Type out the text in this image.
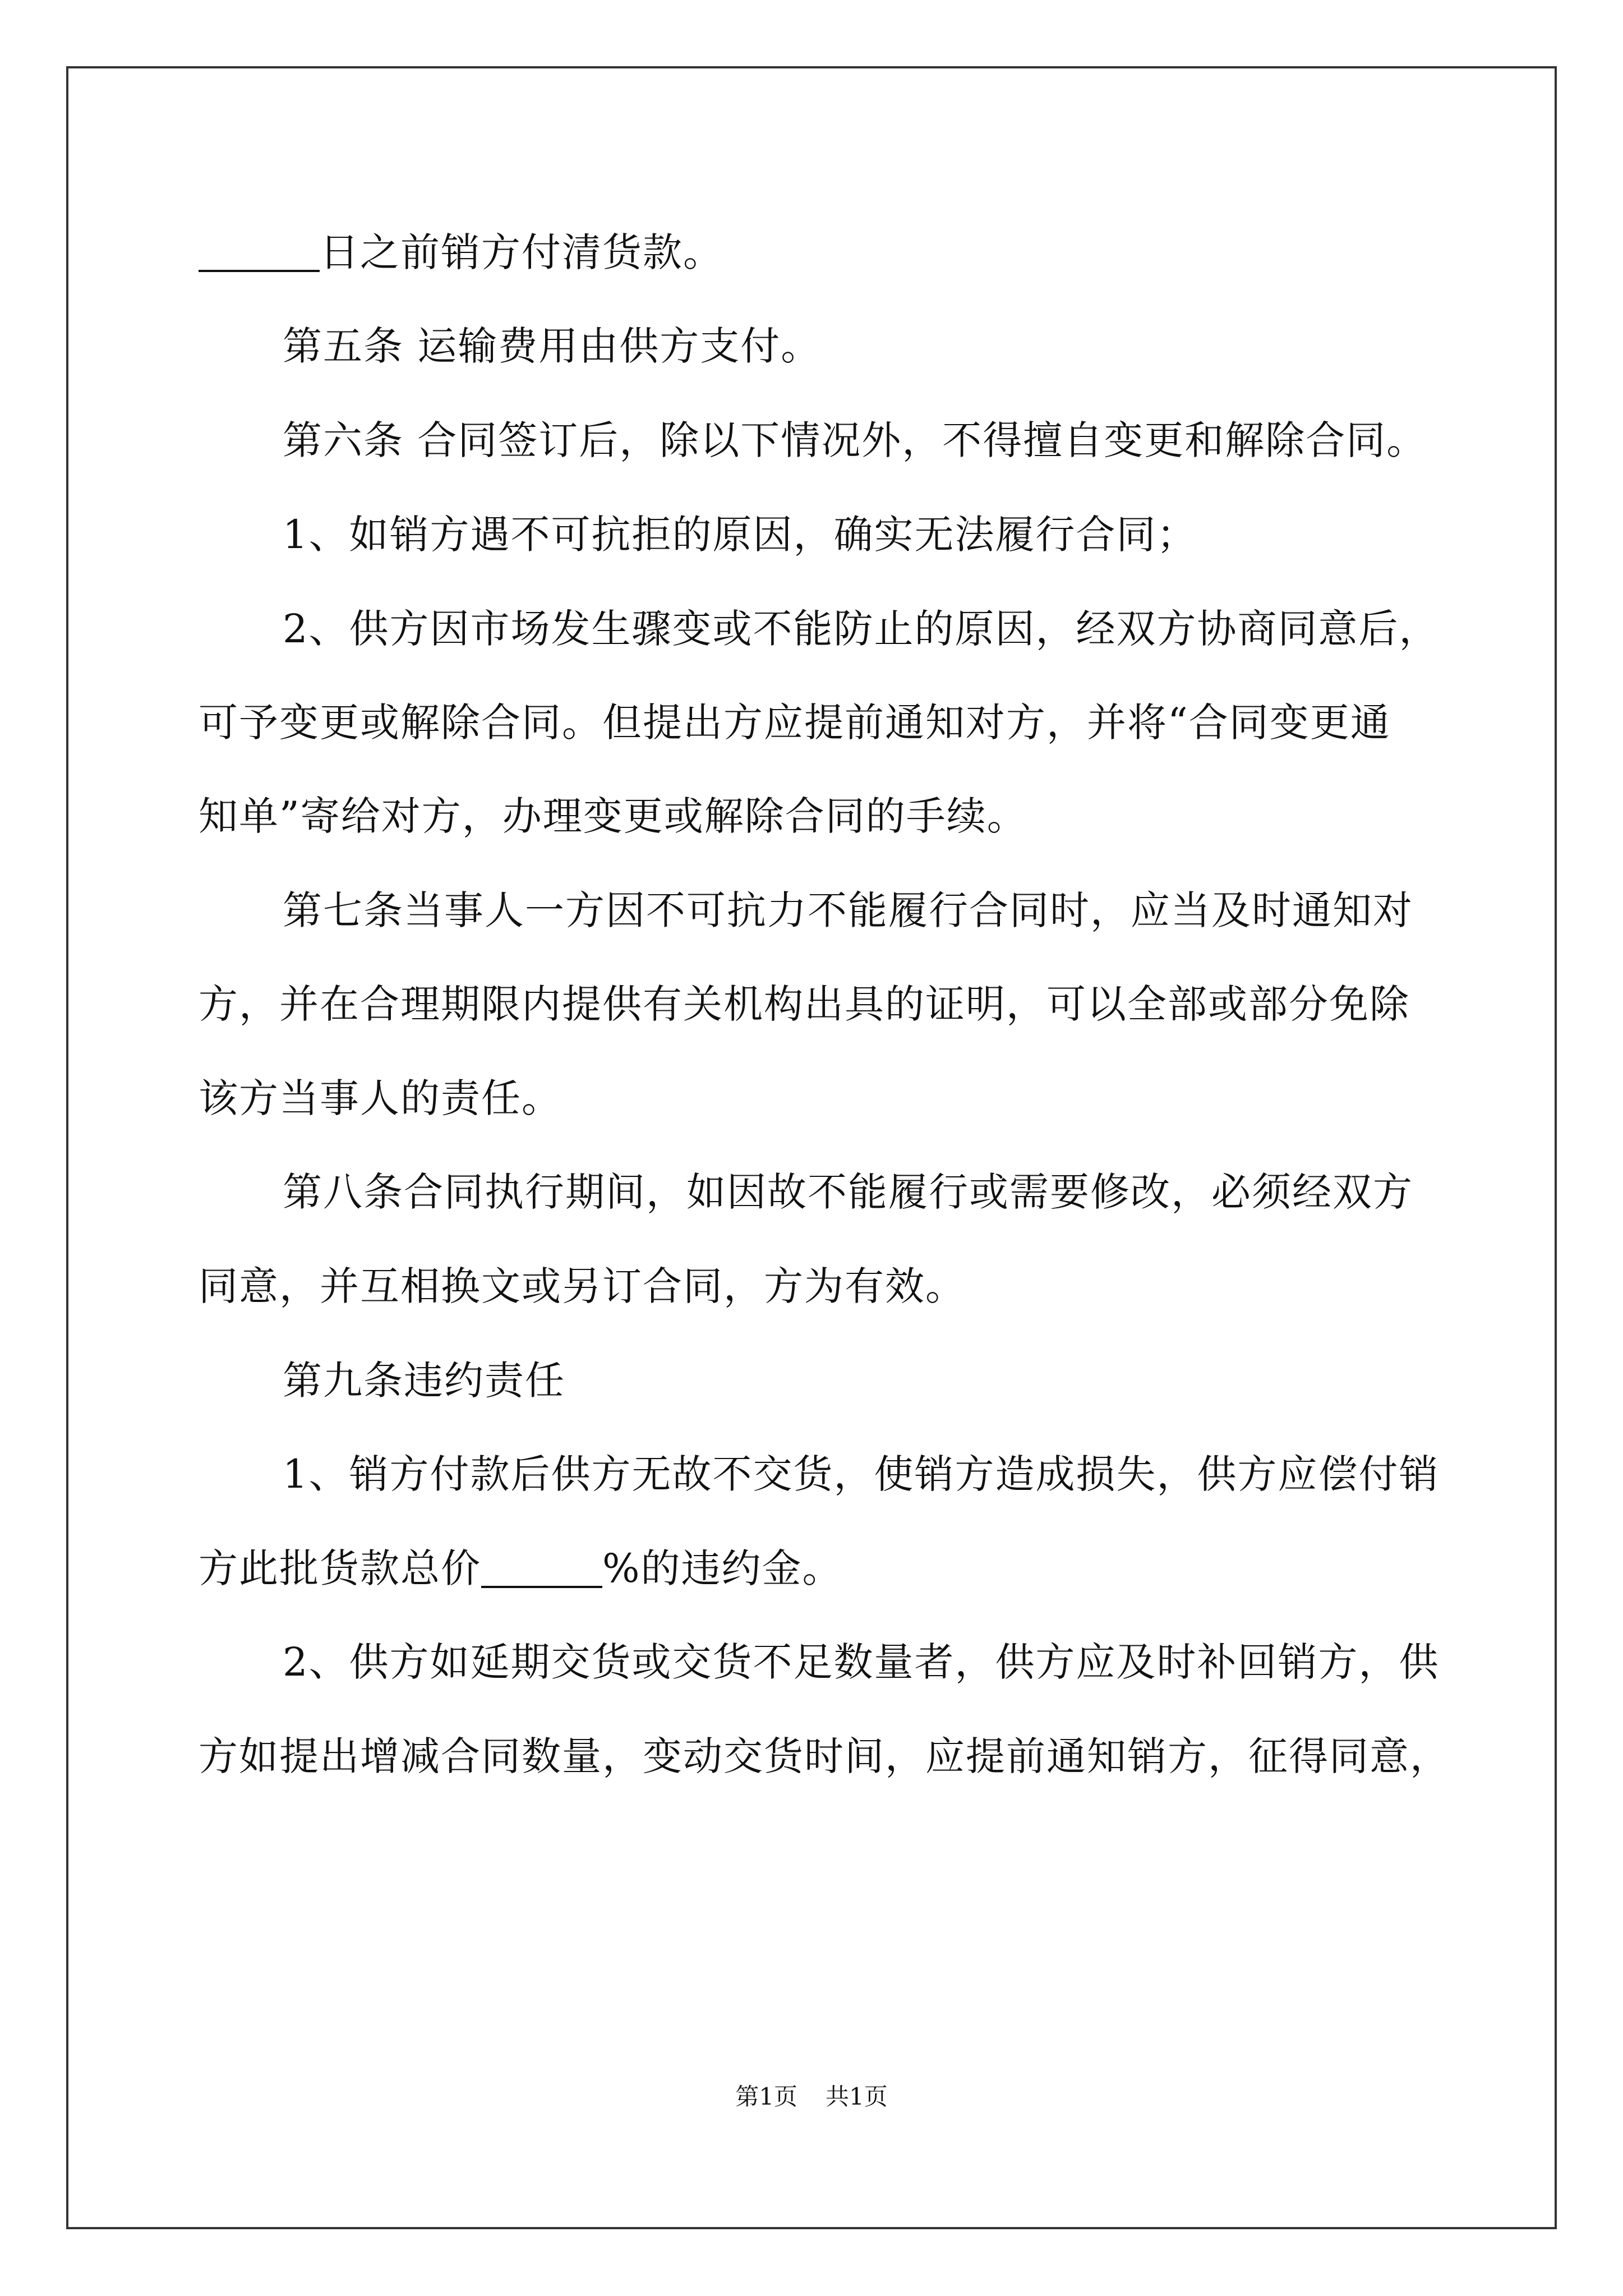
日之前销方付清货款。
第五条 运输费用由供方支付。
第六条 合同签订后，除以下情况外，不得擅自变更和解除合同。
1、如销方遇不可抗拒的原因，确实无法履行合同；
2、供方因市场发生骤变或不能防止的原因，经双方协商同意后，
可予变更或解除合同。但提出方应提前通知对方，并将“合同变更通
知单”寄给对方，办理变更或解除合同的手续。
第七条当事人一方因不可抗力不能履行合同时，应当及时通知对
方，并在合理期限内提供有关机构出具的证明，可以全部或部分免除
该方当事人的责任。
第八条合同执行期间，如因故不能履行或需要修改，必须经双方
同意，并互相换文或另订合同，方为有效。
第九条违约责任
1、销方付款后供方无故不交货，使销方造成损失，供方应偿付销
方此批货款总价	%的违约金。
2、供方如延期交货或交货不足数量者，供方应及时补回销方，供
方如提出增减合同数量，变动交货时间，应提前通知销方，征得同意，
第1页 共1页
